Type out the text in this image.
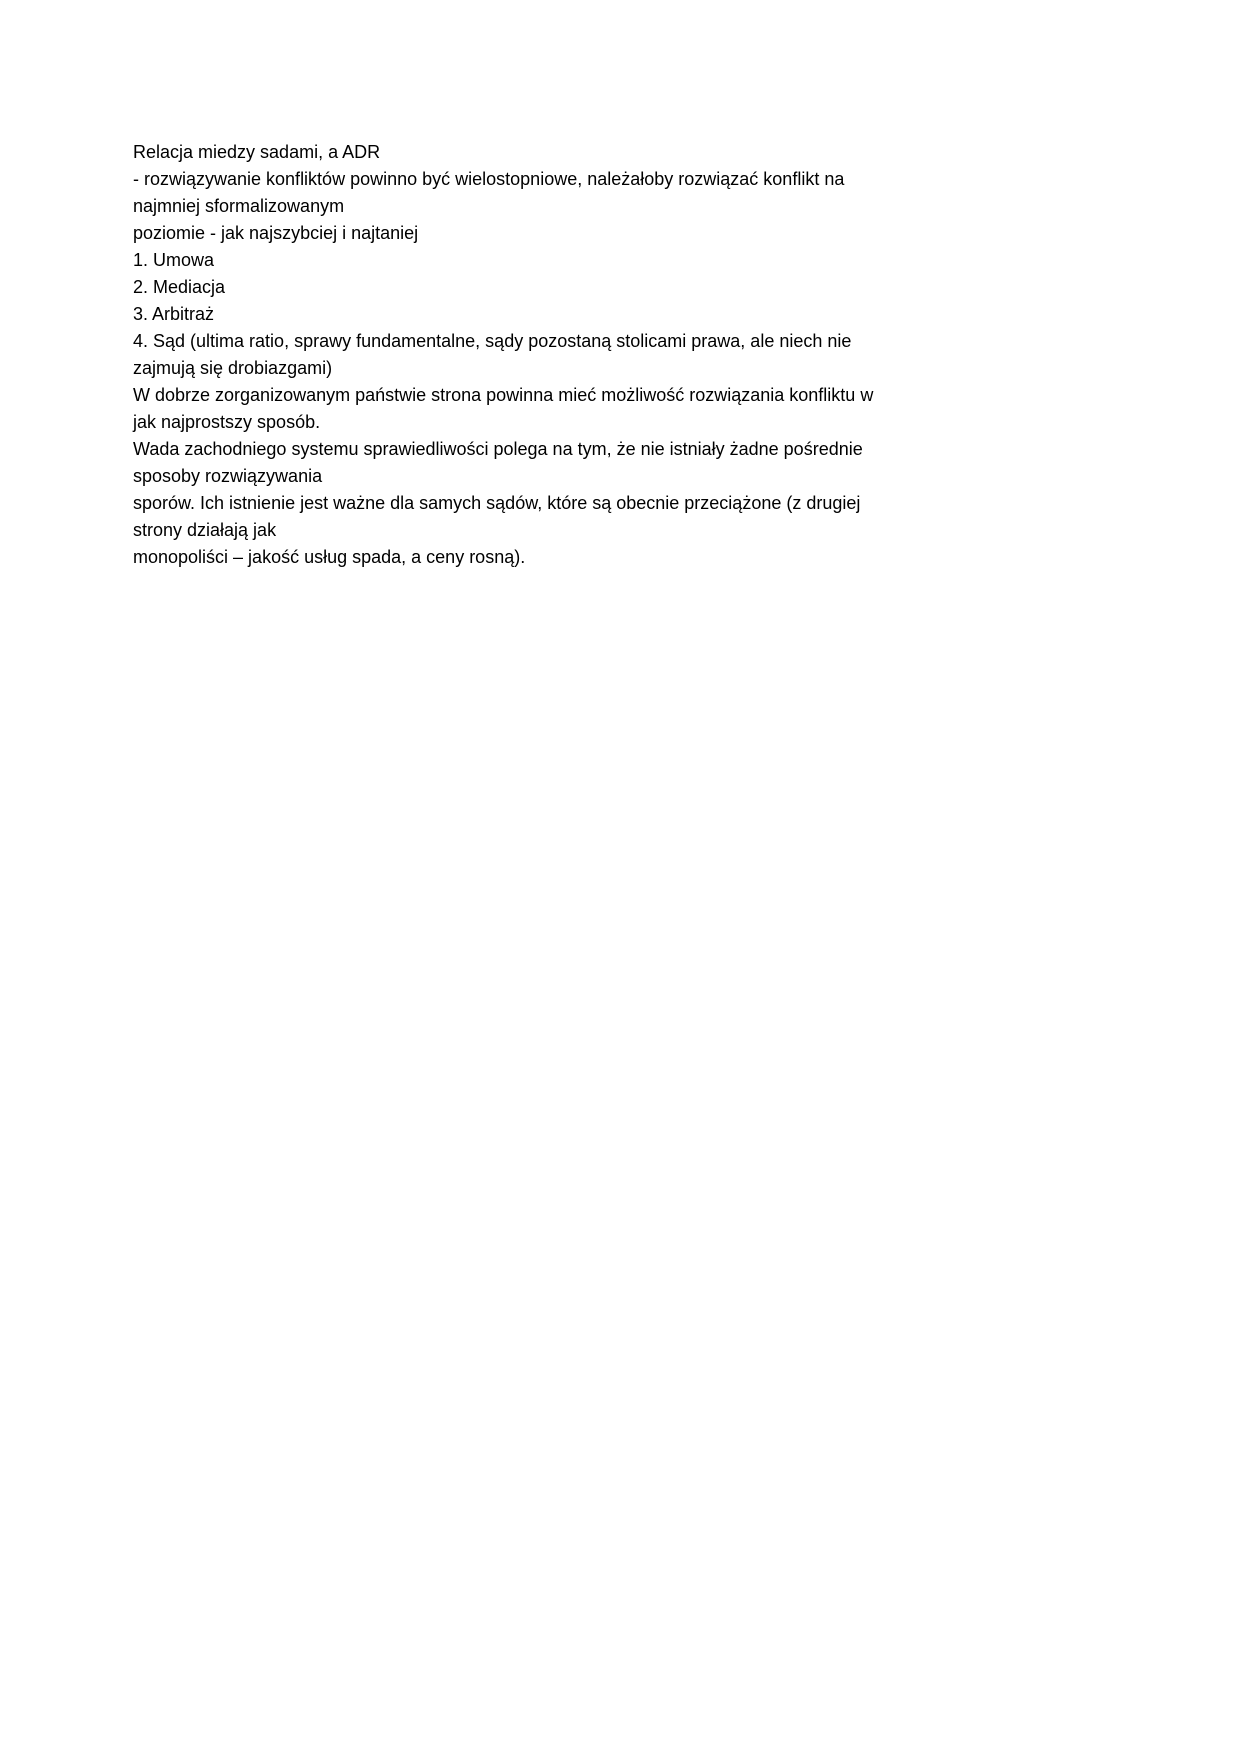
Relacja miedzy sadami, a ADR
- rozwiązywanie konfliktów powinno być wielostopniowe, należałoby rozwiązać konflikt na
najmniej sformalizowanym
poziomie - jak najszybciej i najtaniej
1. Umowa
2. Mediacja
3. Arbitraż
4. Sąd (ultima ratio, sprawy fundamentalne, sądy pozostaną stolicami prawa, ale niech nie
zajmują się drobiazgami)
W dobrze zorganizowanym państwie strona powinna mieć możliwość rozwiązania konfliktu w
jak najprostszy sposób.
Wada zachodniego systemu sprawiedliwości polega na tym, że nie istniały żadne pośrednie
sposoby rozwiązywania
sporów. Ich istnienie jest ważne dla samych sądów, które są obecnie przeciążone (z drugiej
strony działają jak
monopoliści – jakość usług spada, a ceny rosną).
